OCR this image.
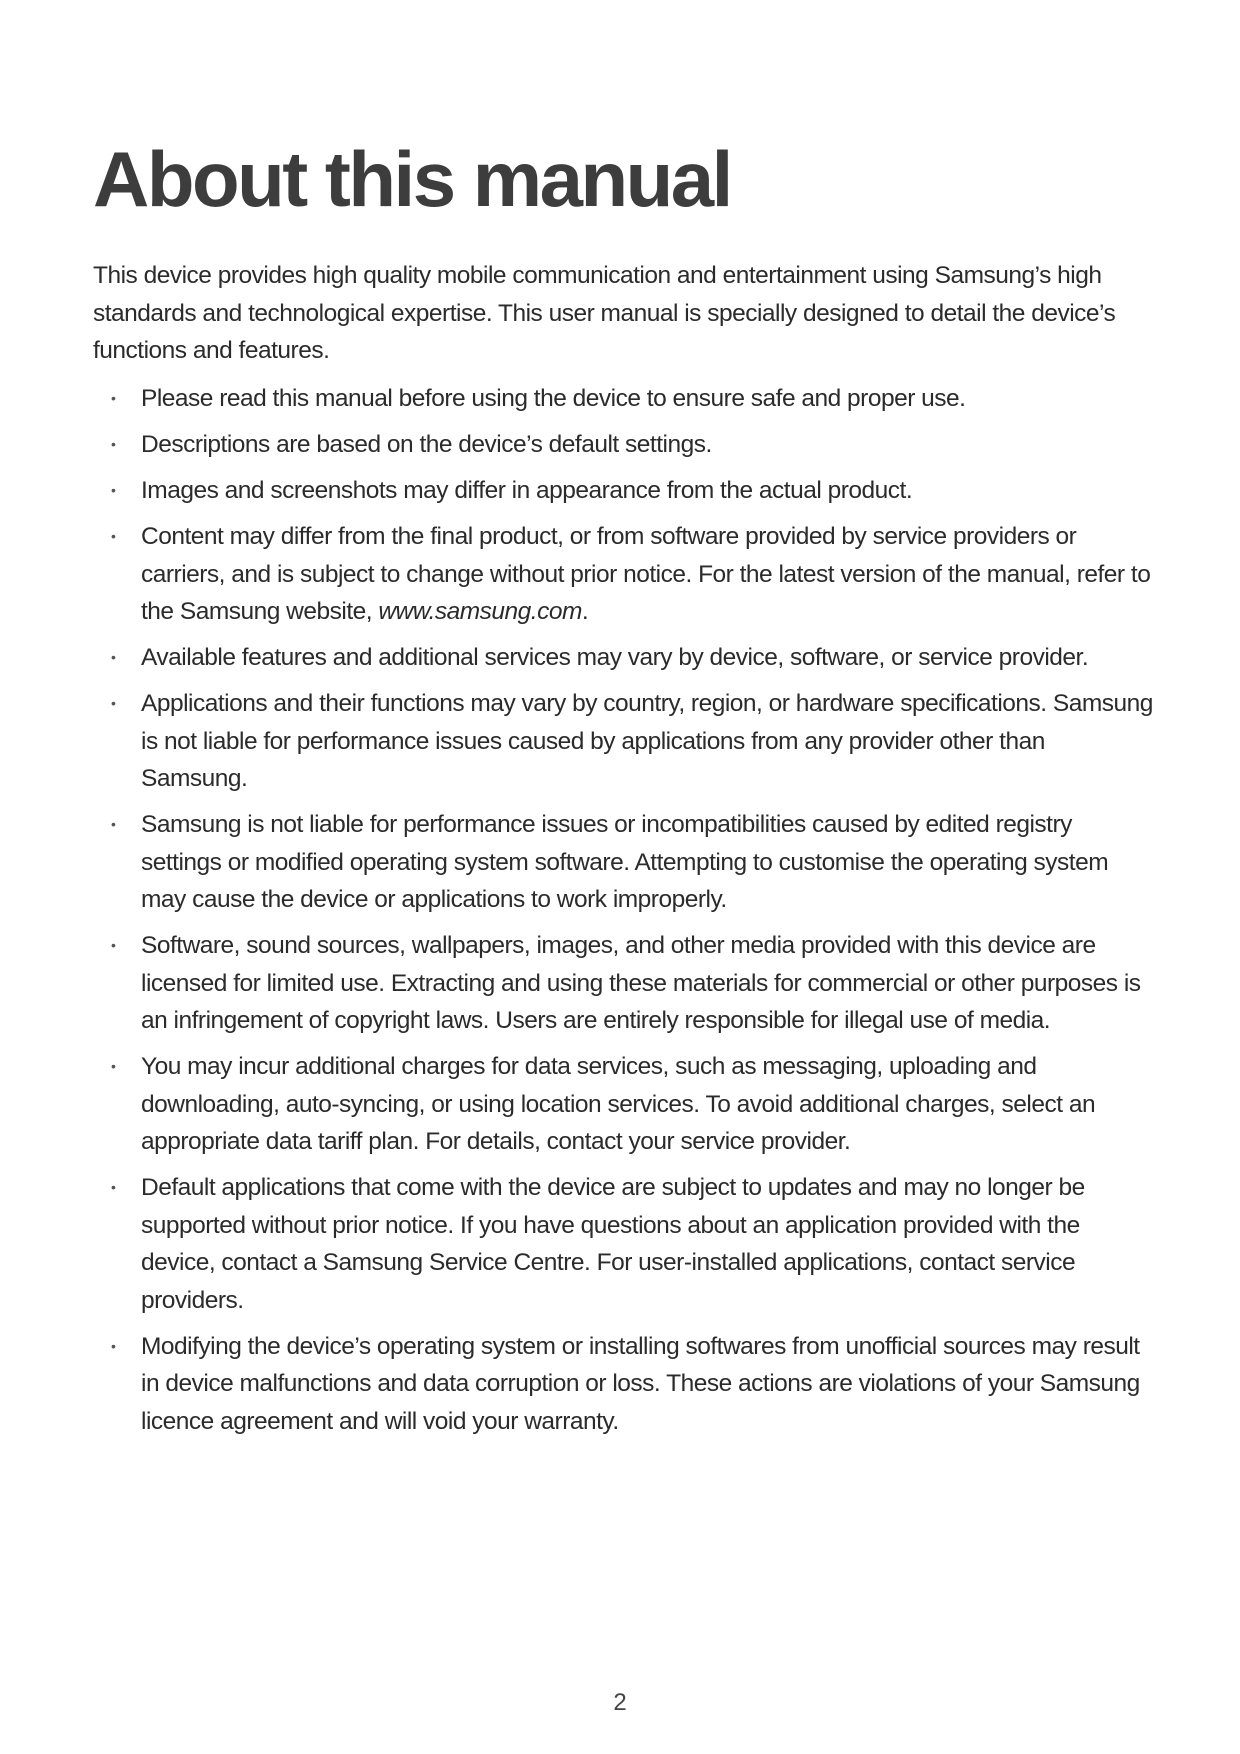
About this manual

This device provides high quality mobile communication and entertainment using Samsung’s high standards and technological expertise. This user manual is specially designed to detail the device’s functions and features.

• Please read this manual before using the device to ensure safe and proper use.
• Descriptions are based on the device’s default settings.
• Images and screenshots may differ in appearance from the actual product.
• Content may differ from the final product, or from software provided by service providers or carriers, and is subject to change without prior notice. For the latest version of the manual, refer to the Samsung website, www.samsung.com.
• Available features and additional services may vary by device, software, or service provider.
• Applications and their functions may vary by country, region, or hardware specifications. Samsung is not liable for performance issues caused by applications from any provider other than Samsung.
• Samsung is not liable for performance issues or incompatibilities caused by edited registry settings or modified operating system software. Attempting to customise the operating system may cause the device or applications to work improperly.
• Software, sound sources, wallpapers, images, and other media provided with this device are licensed for limited use. Extracting and using these materials for commercial or other purposes is an infringement of copyright laws. Users are entirely responsible for illegal use of media.
• You may incur additional charges for data services, such as messaging, uploading and downloading, auto-syncing, or using location services. To avoid additional charges, select an appropriate data tariff plan. For details, contact your service provider.
• Default applications that come with the device are subject to updates and may no longer be supported without prior notice. If you have questions about an application provided with the device, contact a Samsung Service Centre. For user-installed applications, contact service providers.
• Modifying the device’s operating system or installing softwares from unofficial sources may result in device malfunctions and data corruption or loss. These actions are violations of your Samsung licence agreement and will void your warranty.
2
